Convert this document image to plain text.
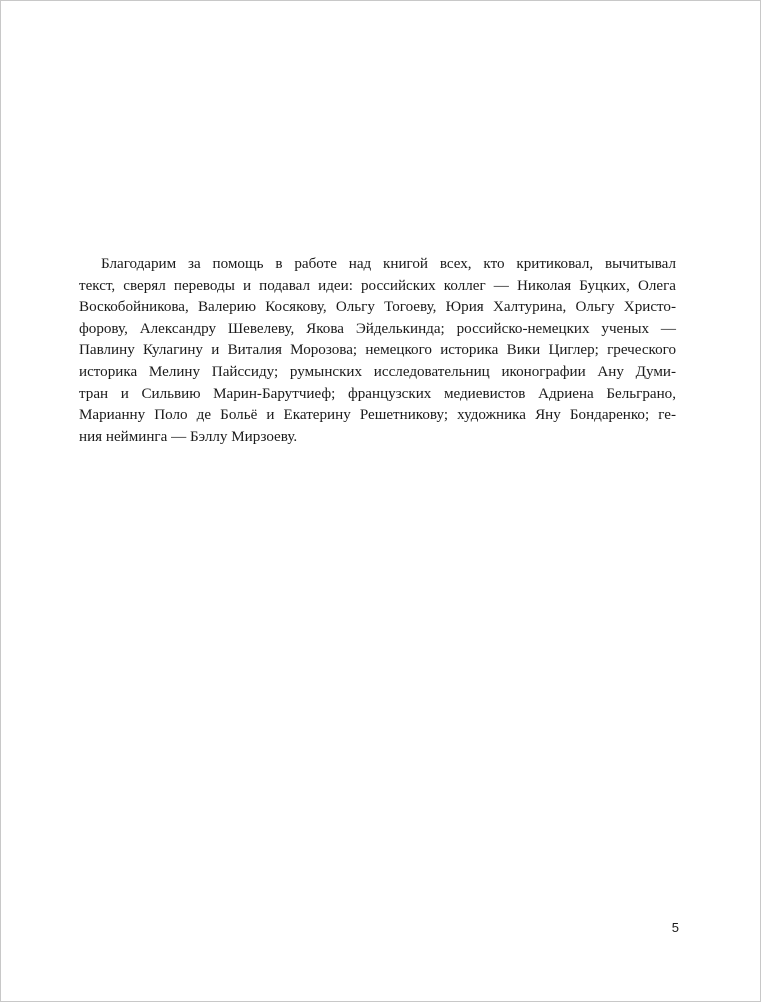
Благодарим за помощь в работе над книгой всех, кто критиковал, вычитывал
текст, сверял переводы и подавал идеи: российских коллег — Николая Буцких, Олега
Воскобойникова, Валерию Косякову, Ольгу Тогоеву, Юрия Халтурина, Ольгу Христо-
форову, Александру Шевелеву, Якова Эйделькинда; российско-немецких ученых —
Павлину Кулагину и Виталия Морозова; немецкого историка Вики Циглер; греческого
историка Мелину Пайссиду; румынских исследовательниц иконографии Ану Думи-
тран и Сильвию Марин-Барутчиеф; французских медиевистов Адриена Бельграно,
Марианну Поло де Больё и Екатерину Решетникову; художника Яну Бондаренко; ге-
ния нейминга — Бэллу Мирзоеву.
5
